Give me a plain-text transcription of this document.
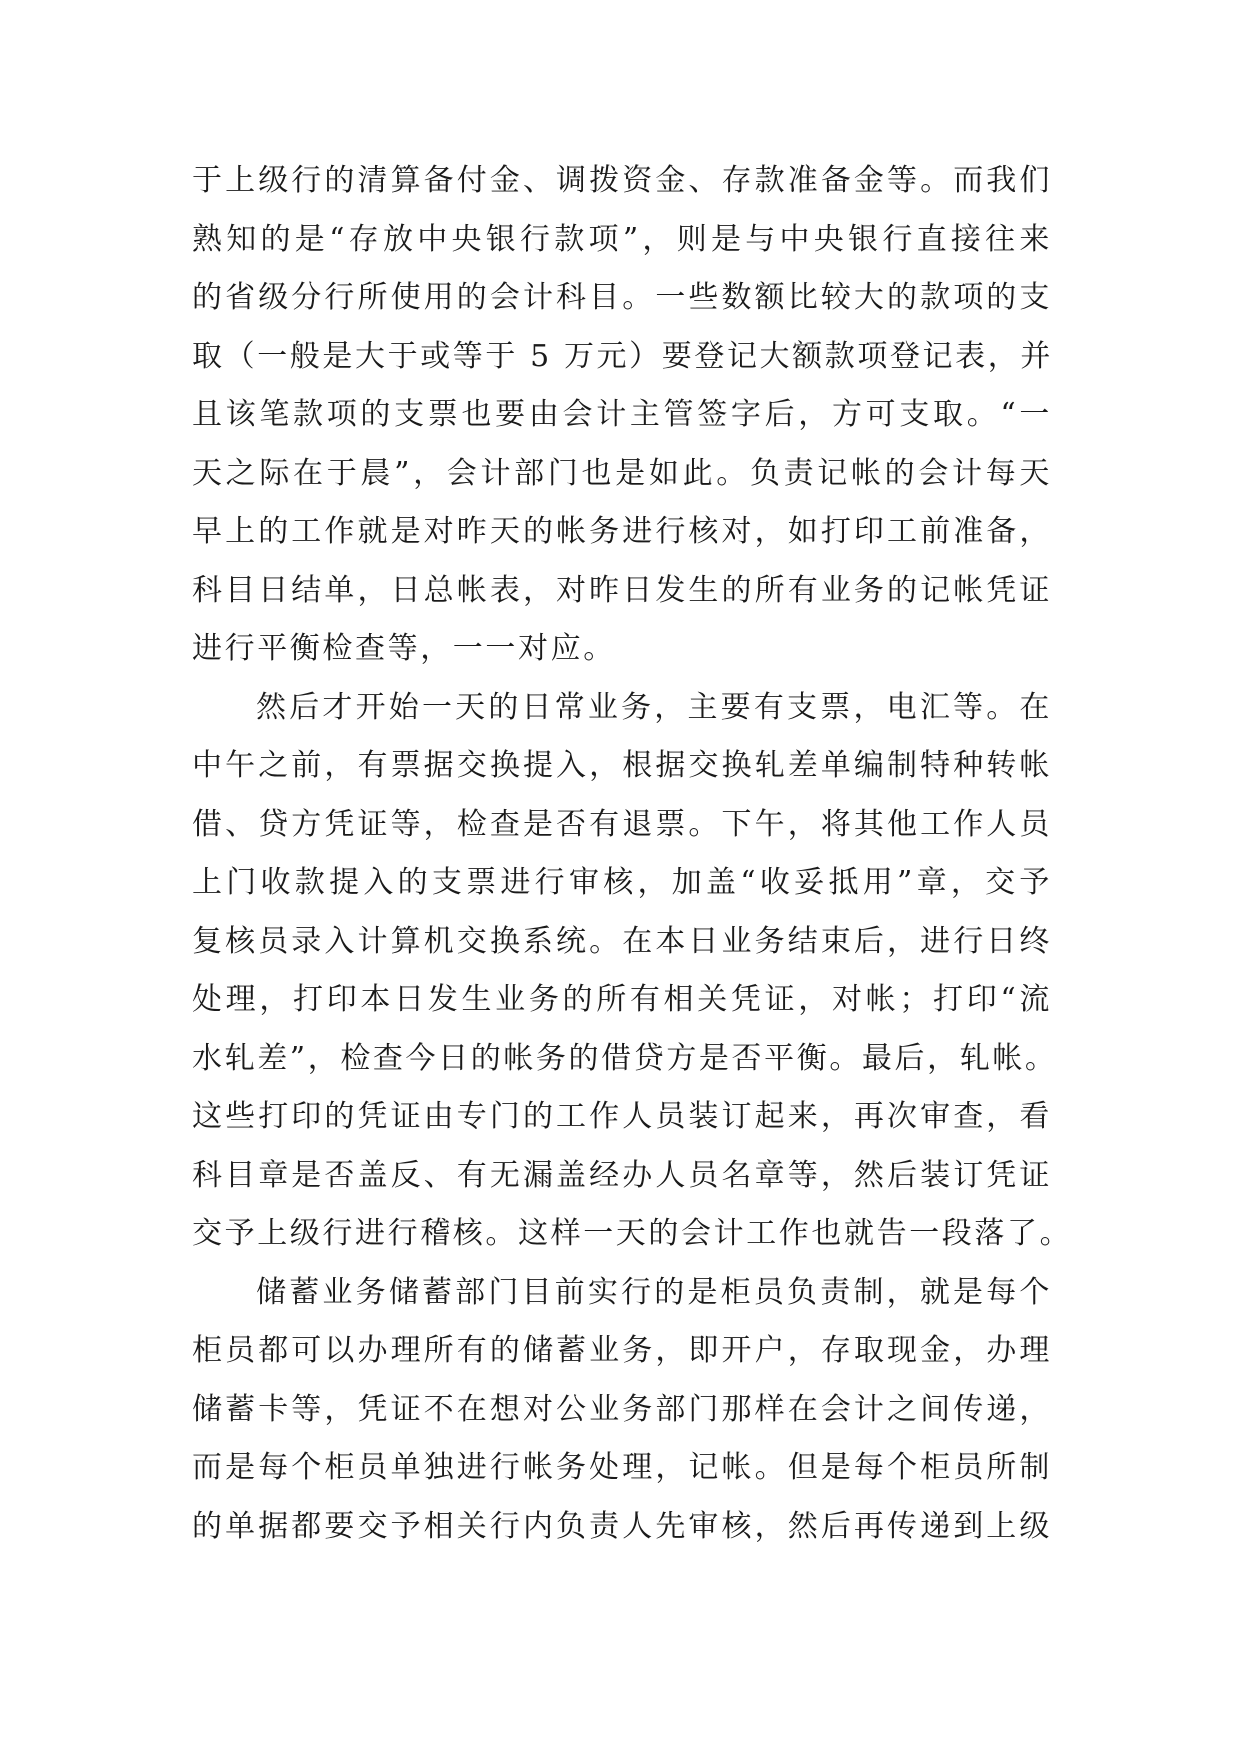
于上级行的清算备付金、调拨资金、存款准备金等。而我们
熟知的是“存放中央银行款项”，则是与中央银行直接往来
的省级分行所使用的会计科目。一些数额比较大的款项的支
取（一般是大于或等于 5 万元）要登记大额款项登记表，并
且该笔款项的支票也要由会计主管签字后，方可支取。“一
天之际在于晨”，会计部门也是如此。负责记帐的会计每天
早上的工作就是对昨天的帐务进行核对，如打印工前准备，
科目日结单，日总帐表，对昨日发生的所有业务的记帐凭证
进行平衡检查等，一一对应。
然后才开始一天的日常业务，主要有支票，电汇等。在
中午之前，有票据交换提入，根据交换轧差单编制特种转帐
借、贷方凭证等，检查是否有退票。下午，将其他工作人员
上门收款提入的支票进行审核，加盖“收妥抵用”章，交予
复核员录入计算机交换系统。在本日业务结束后，进行日终
处理，打印本日发生业务的所有相关凭证，对帐；打印“流
水轧差”，检查今日的帐务的借贷方是否平衡。最后，轧帐。
这些打印的凭证由专门的工作人员装订起来，再次审查，看
科目章是否盖反、有无漏盖经办人员名章等，然后装订凭证
交予上级行进行稽核。这样一天的会计工作也就告一段落了。
储蓄业务储蓄部门目前实行的是柜员负责制，就是每个
柜员都可以办理所有的储蓄业务，即开户，存取现金，办理
储蓄卡等，凭证不在想对公业务部门那样在会计之间传递，
而是每个柜员单独进行帐务处理，记帐。但是每个柜员所制
的单据都要交予相关行内负责人先审核，然后再传递到上级
